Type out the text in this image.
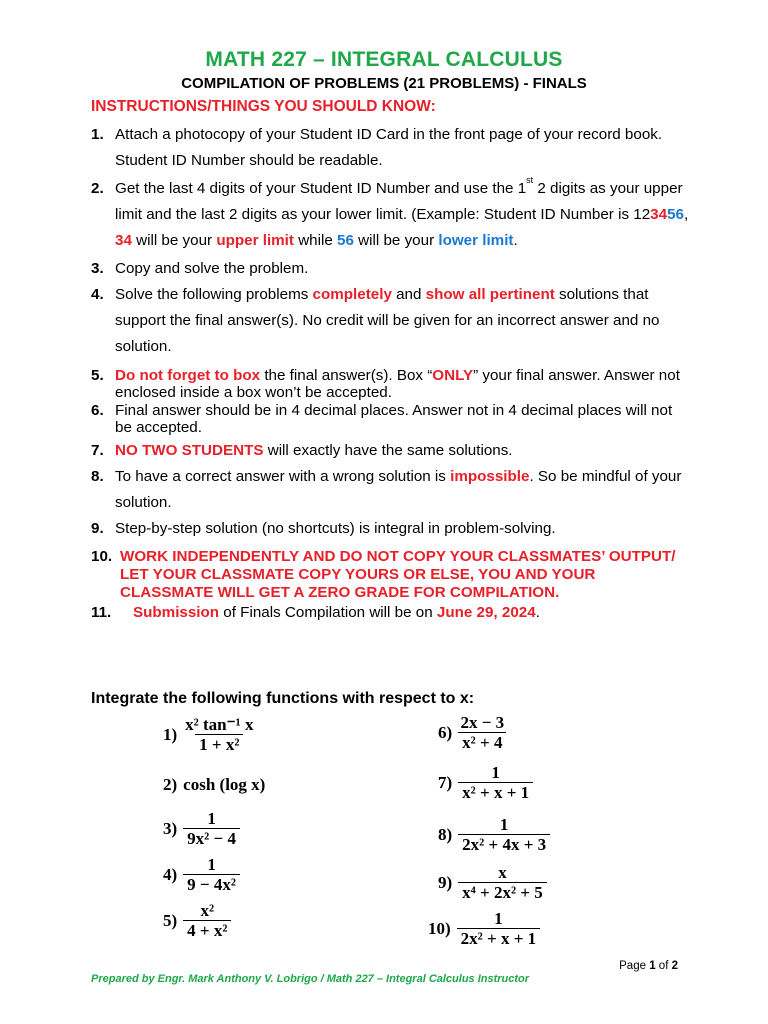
MATH 227 – INTEGRAL CALCULUS
COMPILATION OF PROBLEMS (21 PROBLEMS) - FINALS
INSTRUCTIONS/THINGS YOU SHOULD KNOW:
1. Attach a photocopy of your Student ID Card in the front page of your record book. Student ID Number should be readable.
2. Get the last 4 digits of your Student ID Number and use the 1st 2 digits as your upper limit and the last 2 digits as your lower limit. (Example: Student ID Number is 123456, 34 will be your upper limit while 56 will be your lower limit.
3. Copy and solve the problem.
4. Solve the following problems completely and show all pertinent solutions that support the final answer(s). No credit will be given for an incorrect answer and no solution.
5. Do not forget to box the final answer(s). Box “ONLY” your final answer. Answer not enclosed inside a box won’t be accepted.
6. Final answer should be in 4 decimal places. Answer not in 4 decimal places will not be accepted.
7. NO TWO STUDENTS will exactly have the same solutions.
8. To have a correct answer with a wrong solution is impossible. So be mindful of your solution.
9. Step-by-step solution (no shortcuts) is integral in problem-solving.
10. WORK INDEPENDENTLY AND DO NOT COPY YOUR CLASSMATES’ OUTPUT/ LET YOUR CLASSMATE COPY YOURS OR ELSE, YOU AND YOUR CLASSMATE WILL GET A ZERO GRADE FOR COMPILATION.
11. Submission of Finals Compilation will be on June 29, 2024.
Integrate the following functions with respect to x:
$1) \frac{\text{x² tan⁻¹ x}}{\text{1 + x²}}$
2) cosh (log x)
$3) \frac{1}{\text{9x² − 4}}$
$4) \frac{1}{\text{9 − 4x²}}$
$5) \frac{\text{x²}}{\text{4 + x²}}$
$6) \frac{2x - 3}{\text{x² + 4}}$
$7) \frac{1}{\text{x² + x + 1}}$
$8) \frac{1}{\text{2x² + 4x + 3}}$
$9) \frac{x}{\text{x⁴ + 2x² + 5}}$
$10) \frac{1}{\text{2x² + x + 1}}$
Page 1 of 2
Prepared by Engr. Mark Anthony V. Lobrigo / Math 227 – Integral Calculus Instructor
